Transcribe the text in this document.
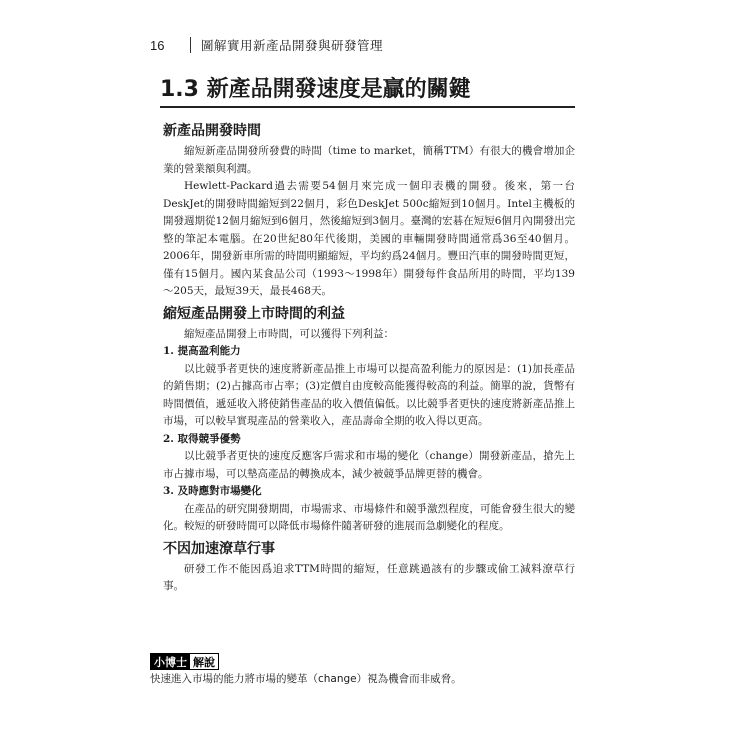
16	圖解實用新產品開發與研發管理
1.3 新產品開發速度是贏的關鍵
新產品開發時間

縮短新產品開發所發費的時間（time to market，簡稱TTM）有很大的機會增加企業的營業額與利潤。

Hewlett-Packard過去需要54個月來完成一個印表機的開發。後來，第一台DeskJet的開發時間縮短到22個月，彩色DeskJet 500c縮短到10個月。Intel主機板的開發週期從12個月縮短到6個月，然後縮短到3個月。臺灣的宏碁在短短6個月內開發出完整的筆記本電腦。在20世紀80年代後期，美國的車輛開發時間通常爲36至40個月。2006年，開發新車所需的時間明顯縮短，平均約爲24個月。豐田汽車的開發時間更短，僅有15個月。國內某食品公司（1993～1998年）開發每件食品所用的時間，平均139～205天，最短39天，最長468天。

縮短產品開發上市時間的利益

縮短產品開發上市時間，可以獲得下列利益：

1. 提高盈利能力

以比競爭者更快的速度將新產品推上市場可以提高盈利能力的原因是：(1)加長產品的銷售期；(2)占據高市占率；(3)定價自由度較高能獲得較高的利益。簡單的說，貨幣有時間價值，遞延收入將使銷售產品的收入價值偏低。以比競爭者更快的速度將新產品推上市場，可以較早實現產品的營業收入，產品壽命全期的收入得以更高。

2. 取得競爭優勢

以比競爭者更快的速度反應客戶需求和市場的變化（change）開發新產品，搶先上市占據市場，可以墊高產品的轉換成本，減少被競爭品牌更替的機會。

3. 及時應對市場變化

在產品的研究開發期間，市場需求、市場條件和競爭激烈程度，可能會發生很大的變化。較短的研發時間可以降低市場條件隨著研發的進展而急劇變化的程度。

不因加速潦草行事

研發工作不能因爲追求TTM時間的縮短，任意跳過該有的步驟或偷工減料潦草行事。

小博士 解說
快速進入市場的能力將市場的變革（change）視為機會而非威脅。
